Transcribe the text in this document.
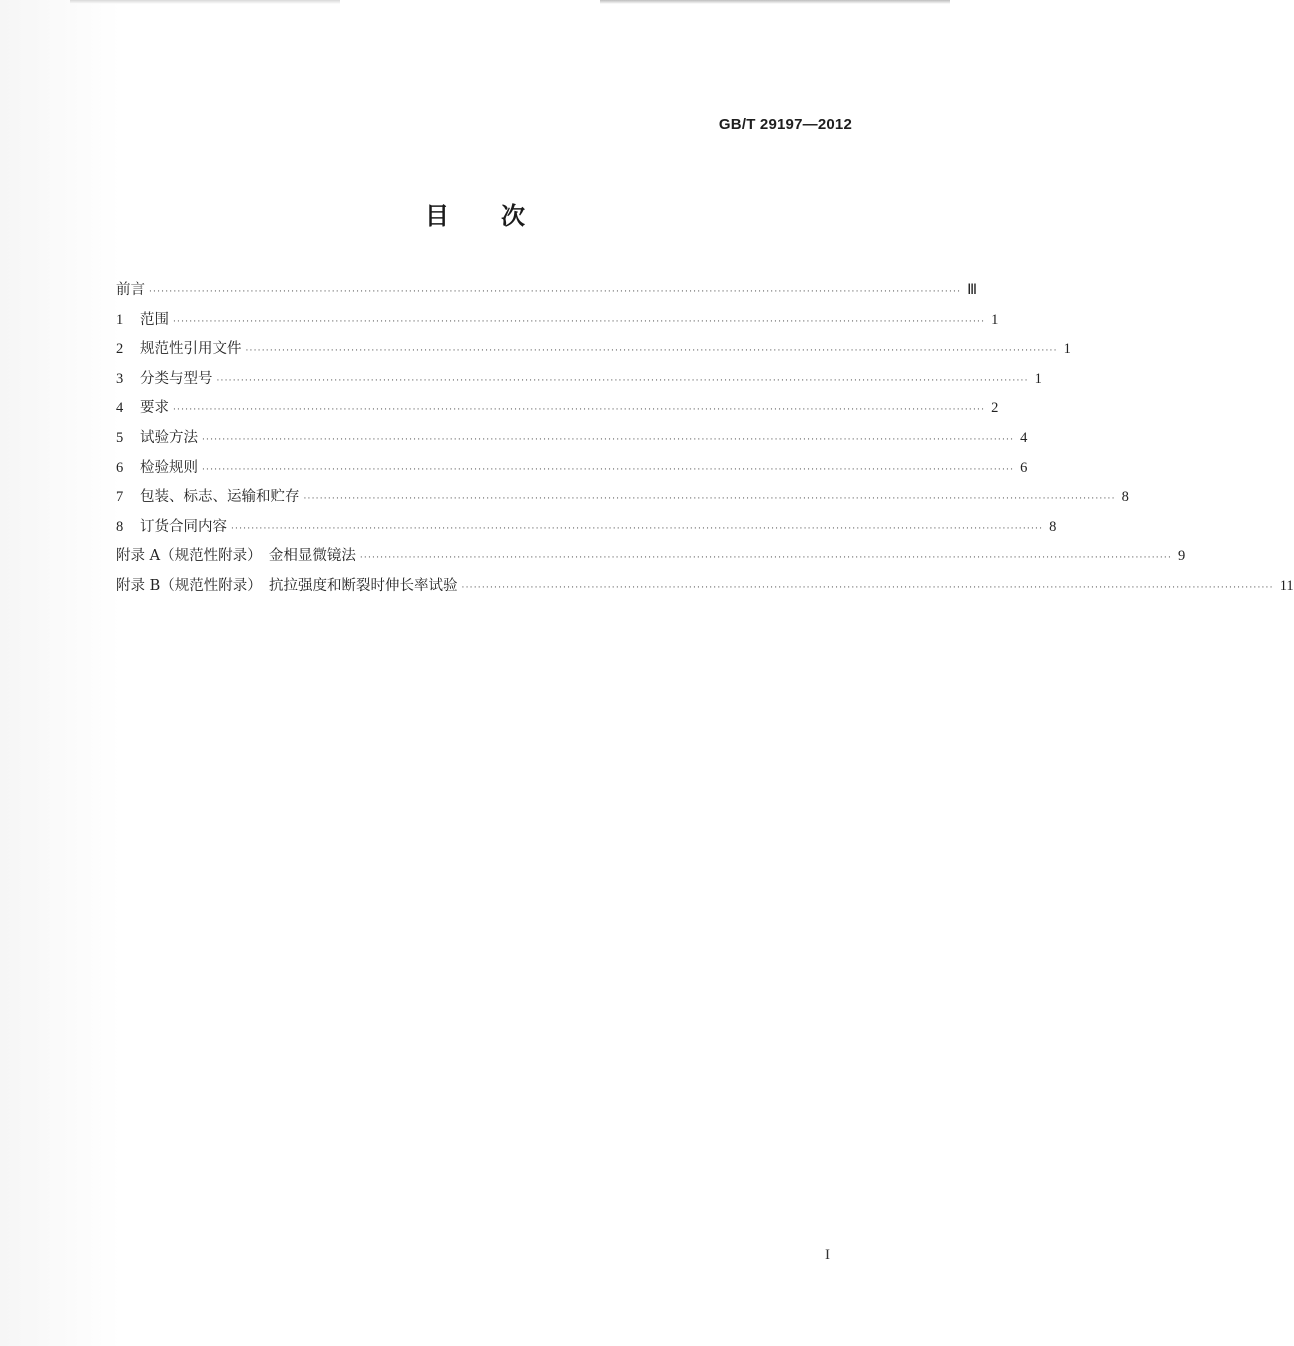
GB/T 29197—2012
目次
前言 ········································································································································································································ Ⅲ
1	范围 ········································································································································································································ 1
2	规范性引用文件 ········································································································································································································ 1
3	分类与型号 ········································································································································································································ 1
4	要求 ········································································································································································································ 2
5	试验方法 ········································································································································································································ 4
6	检验规则 ········································································································································································································ 6
7	包装、标志、运输和贮存 ········································································································································································································ 8
8	订货合同内容 ········································································································································································································ 8
附录 A（规范性附录）　金相显微镜法 ········································································································································································································ 9
附录 B（规范性附录）　抗拉强度和断裂时伸长率试验 ········································································································································································································ 11
I
